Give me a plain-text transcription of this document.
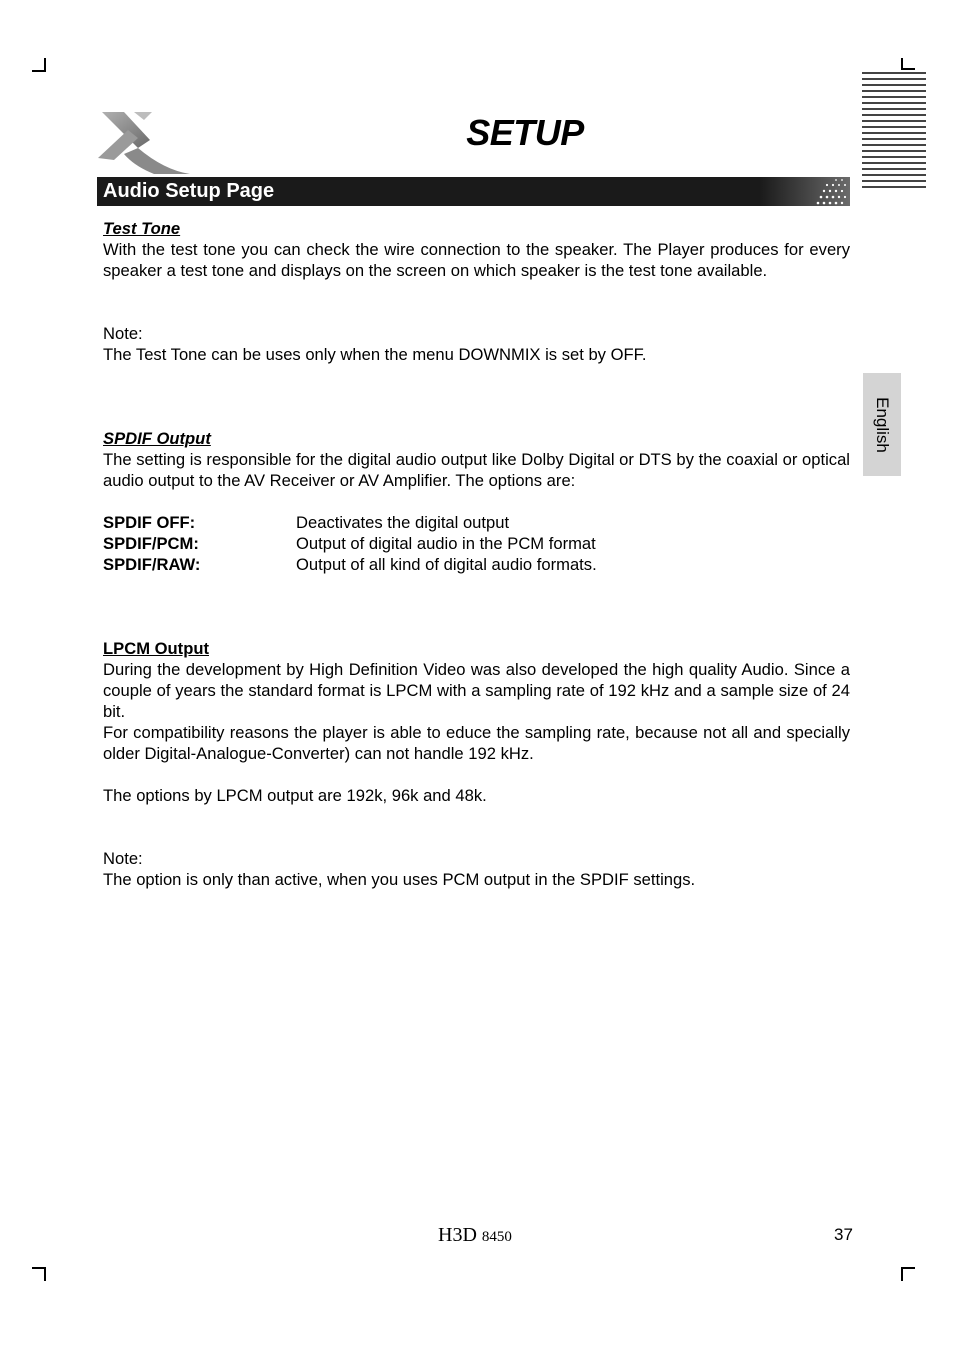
SETUP
Audio Setup Page
English

Test Tone

With the test tone you can check the wire connection to the speaker. The Player produces for every speaker a test tone and displays on the screen on which speaker is the test tone available.

Note:

The Test Tone can be uses only when the menu DOWNMIX is set by OFF.

SPDIF Output

The setting is responsible for the digital audio output like Dolby Digital or DTS by the coaxial or optical audio output to the AV Receiver or AV Amplifier. The options are:

SPDIF OFF:	Deactivates the digital output
SPDIF/PCM:	Output of digital audio in the PCM format
SPDIF/RAW:	Output of all kind of digital audio formats.

LPCM Output

During the development by High Definition Video was also developed the high quality Audio. Since a couple of years the standard format is LPCM with a sampling rate of 192 kHz and a sample size of 24 bit.

For compatibility reasons the player is able to educe the sampling rate, because not all and specially older Digital-Analogue-Converter) can not handle 192 kHz.

The options by LPCM output are 192k, 96k and 48k.

Note:

The option is only than active, when you uses PCM output in the SPDIF settings.

H3D 8450	37
